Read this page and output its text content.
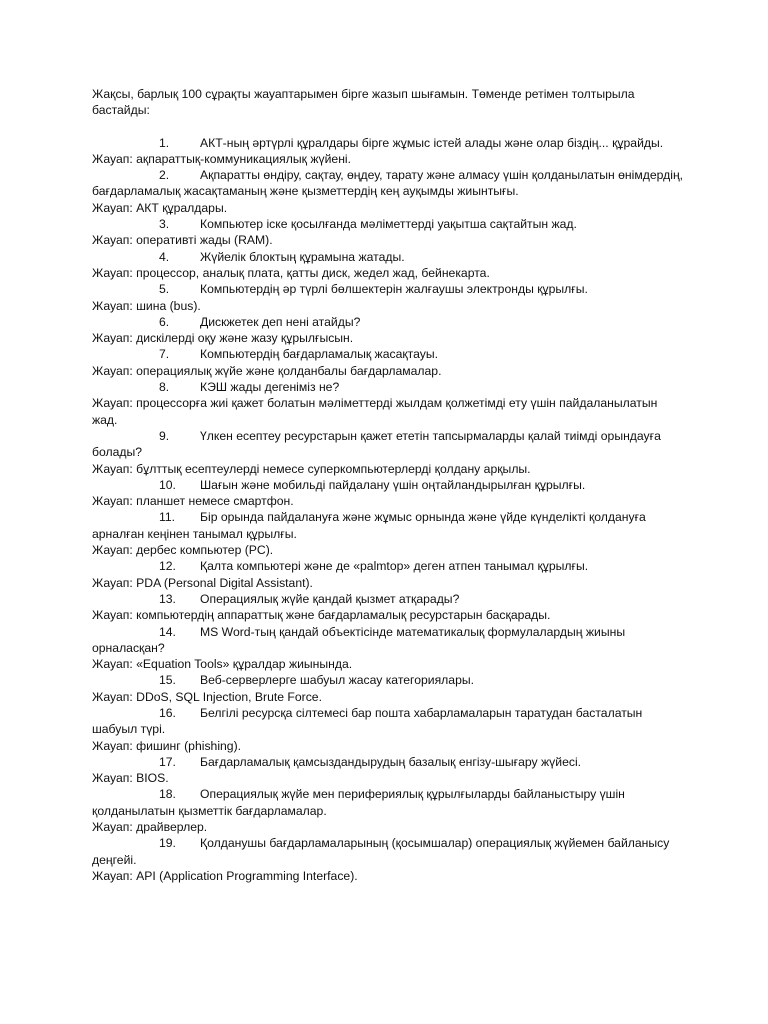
Жақсы, барлық 100 сұрақты жауаптарымен бірге жазып шығамын. Төменде ретімен толтырыла бастайды:

1.	АКТ-ның әртүрлі құралдары бірге жұмыс істей алады және олар біздің... құрайды.

Жауап: ақпараттық-коммуникациялық жүйені.

2.	Ақпаратты өндіру, сақтау, өңдеу, тарату және алмасу үшін қолданылатын өнімдердің, бағдарламалық жасақтаманың және қызметтердің кең ауқымды жиынтығы.

Жауап: АКТ құралдары.

3.	Компьютер іске қосылғанда мәліметтерді уақытша сақтайтын жад.

Жауап: оперативті жады (RAM).

4.	Жүйелік блоктың құрамына жатады.

Жауап: процессор, аналық плата, қатты диск, жедел жад, бейнекарта.

5.	Компьютердің әр түрлі бөлшектерін жалғаушы электронды құрылғы.

Жауап: шина (bus).

6.	Дискжетек деп нені атайды?

Жауап: дискілерді оқу және жазу құрылғысын.

7.	Компьютердің бағдарламалық жасақтауы.

Жауап: операциялық жүйе және қолданбалы бағдарламалар.

8.	КЭШ жады дегеніміз не?

Жауап: процессорға жиі қажет болатын мәліметтерді жылдам қолжетімді ету үшін пайдаланылатын жад.

9.	Үлкен есептеу ресурстарын қажет ететін тапсырмаларды қалай тиімді орындауға болады?

Жауап: бұлттық есептеулерді немесе суперкомпьютерлерді қолдану арқылы.

10. Шағын және мобильді пайдалану үшін оңтайландырылған құрылғы.

Жауап: планшет немесе смартфон.

11. Бір орында пайдалануға және жұмыс орнында және үйде күнделікті қолдануға арналған кеңінен танымал құрылғы.

Жауап: дербес компьютер (PC).

12. Қалта компьютері және де «palmtop» деген атпен танымал құрылғы.

Жауап: PDA (Personal Digital Assistant).

13. Операциялық жүйе қандай қызмет атқарады?

Жауап: компьютердің аппараттық және бағдарламалық ресурстарын басқарады.

14. MS Word-тың қандай объектісінде математикалық формулалардың жиыны орналасқан?

Жауап: «Equation Tools» құралдар жиынында.

15. Веб-серверлерге шабуыл жасау категориялары.

Жауап: DDoS, SQL Injection, Brute Force.

16. Белгілі ресурсқа сілтемесі бар пошта хабарламаларын таратудан басталатын шабуыл түрі.

Жауап: фишинг (phishing).

17. Бағдарламалық қамсыздандырудың базалық енгізу-шығару жүйесі.

Жауап: BIOS.

18. Операциялық жүйе мен перифериялық құрылғыларды байланыстыру үшін қолданылатын қызметтік бағдарламалар.

Жауап: драйверлер.

19. Қолданушы бағдарламаларының (қосымшалар) операциялық жүйемен байланысу деңгейі.

Жауап: API (Application Programming Interface).
